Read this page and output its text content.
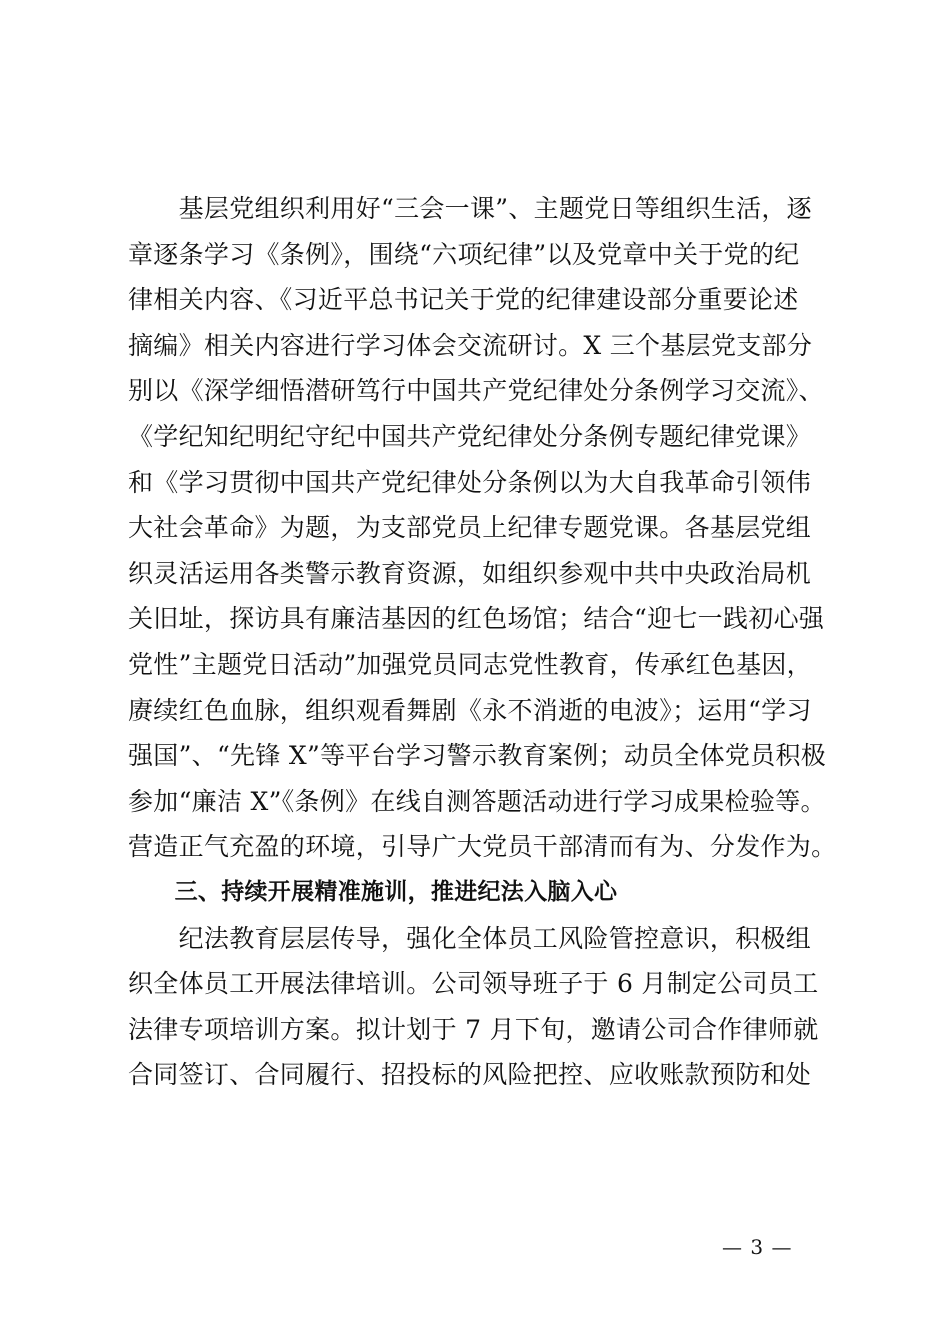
　　基层党组织利用好“三会一课”、主题党日等组织生活，逐
章逐条学习《条例》，围绕“六项纪律”以及党章中关于党的纪
律相关内容、《习近平总书记关于党的纪律建设部分重要论述
摘编》相关内容进行学习体会交流研讨。X 三个基层党支部分
别以《深学细悟潜研笃行中国共产党纪律处分条例学习交流》、
《学纪知纪明纪守纪中国共产党纪律处分条例专题纪律党课》
和《学习贯彻中国共产党纪律处分条例以为大自我革命引领伟
大社会革命》为题，为支部党员上纪律专题党课。各基层党组
织灵活运用各类警示教育资源，如组织参观中共中央政治局机
关旧址，探访具有廉洁基因的红色场馆；结合“迎七一践初心强
党性”主题党日活动”加强党员同志党性教育，传承红色基因，
赓续红色血脉，组织观看舞剧《永不消逝的电波》；运用“学习
强国”、“先锋 X”等平台学习警示教育案例；动员全体党员积极
参加“廉洁 X”《条例》在线自测答题活动进行学习成果检验等。
营造正气充盈的环境，引导广大党员干部清而有为、分发作为。
　　三、持续开展精准施训，推进纪法入脑入心
　　纪法教育层层传导，强化全体员工风险管控意识，积极组
织全体员工开展法律培训。公司领导班子于 6 月制定公司员工
法律专项培训方案。拟计划于 7 月下旬，邀请公司合作律师就
合同签订、合同履行、招投标的风险把控、应收账款预防和处
— 3 —
